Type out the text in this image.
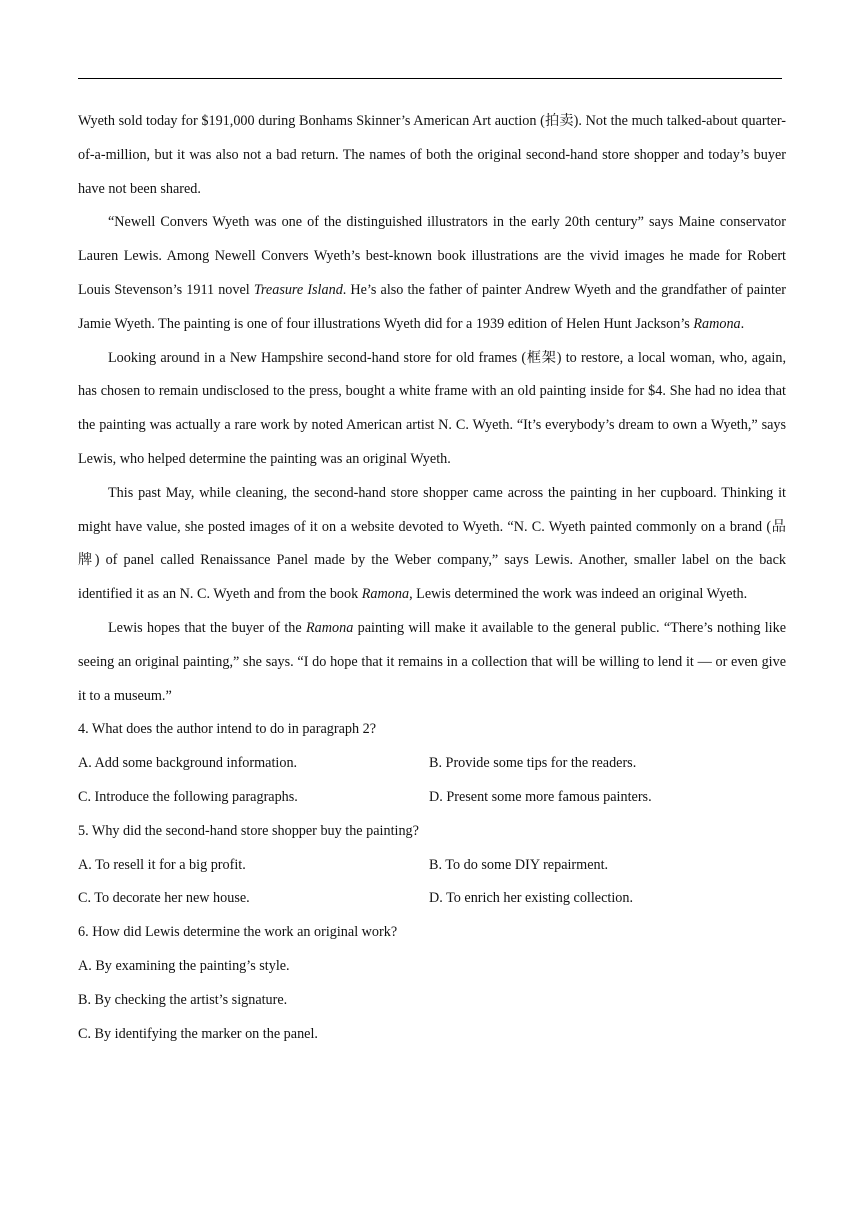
Wyeth sold today for $191,000 during Bonhams Skinner’s American Art auction (拍卖). Not the much talked-about quarter-of-a-million, but it was also not a bad return. The names of both the original second-hand store shopper and today’s buyer have not been shared.

“Newell Convers Wyeth was one of the distinguished illustrators in the early 20th century” says Maine conservator Lauren Lewis. Among Newell Convers Wyeth’s best-known book illustrations are the vivid images he made for Robert Louis Stevenson’s 1911 novel Treasure Island. He’s also the father of painter Andrew Wyeth and the grandfather of painter Jamie Wyeth. The painting is one of four illustrations Wyeth did for a 1939 edition of Helen Hunt Jackson’s Ramona.

Looking around in a New Hampshire second-hand store for old frames (框架) to restore, a local woman, who, again, has chosen to remain undisclosed to the press, bought a white frame with an old painting inside for $4. She had no idea that the painting was actually a rare work by noted American artist N. C. Wyeth. “It’s everybody’s dream to own a Wyeth,” says Lewis, who helped determine the painting was an original Wyeth.

This past May, while cleaning, the second-hand store shopper came across the painting in her cupboard. Thinking it might have value, she posted images of it on a website devoted to Wyeth. “N. C. Wyeth painted commonly on a brand (品牌) of panel called Renaissance Panel made by the Weber company,” says Lewis. Another, smaller label on the back identified it as an N. C. Wyeth and from the book Ramona, Lewis determined the work was indeed an original Wyeth.

Lewis hopes that the buyer of the Ramona painting will make it available to the general public. “There’s nothing like seeing an original painting,” she says. “I do hope that it remains in a collection that will be willing to lend it — or even give it to a museum.”

4. What does the author intend to do in paragraph 2?

A. Add some background information.	B. Provide some tips for the readers.
C. Introduce the following paragraphs.	D. Present some more famous painters.

5. Why did the second-hand store shopper buy the painting?

A. To resell it for a big profit.	B. To do some DIY repairment.
C. To decorate her new house.	D. To enrich her existing collection.

6. How did Lewis determine the work an original work?

A. By examining the painting’s style.

B. By checking the artist’s signature.

C. By identifying the marker on the panel.
